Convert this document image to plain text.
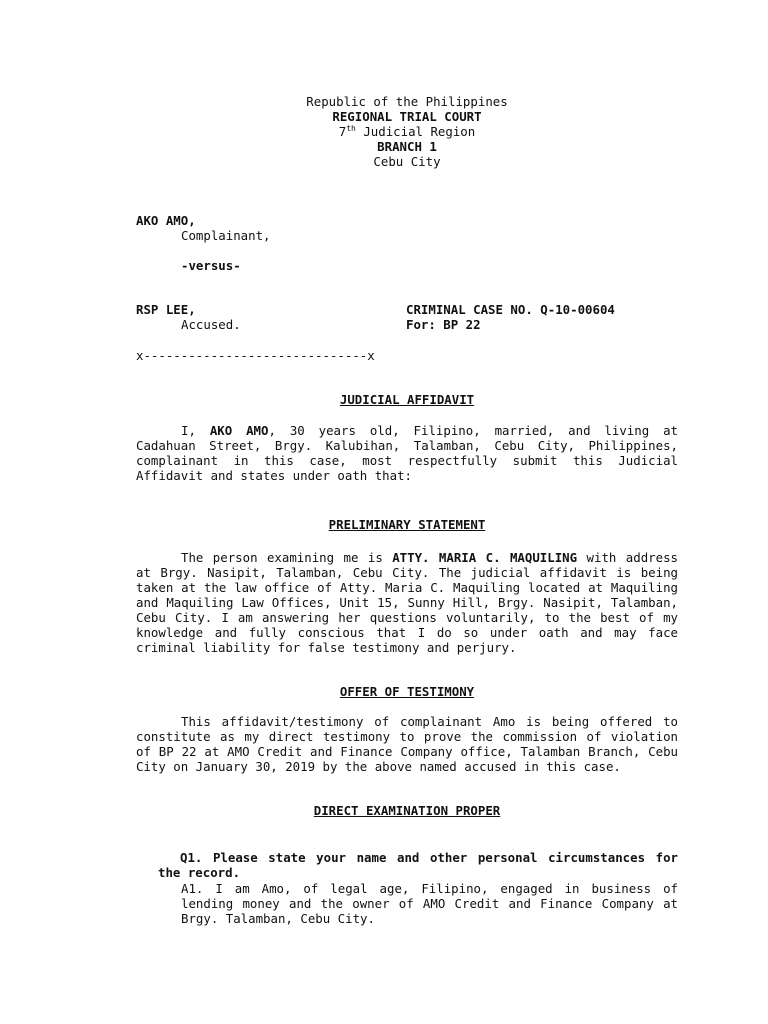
Republic of the Philippines
REGIONAL TRIAL COURT
7th Judicial Region
BRANCH 1
Cebu City
AKO AMO,
Complainant,
-versus-
RSP LEE,
Accused.
CRIMINAL CASE NO. Q-10-00604
For: BP 22
x------------------------------x
JUDICIAL AFFIDAVIT
I, AKO AMO, 30 years old, Filipino, married, and living at Cadahuan Street, Brgy. Kalubihan, Talamban, Cebu City, Philippines, complainant in this case, most respectfully submit this Judicial Affidavit and states under oath that:
PRELIMINARY STATEMENT
The person examining me is ATTY. MARIA C. MAQUILING with address at Brgy. Nasipit, Talamban, Cebu City. The judicial affidavit is being taken at the law office of Atty. Maria C. Maquiling located at Maquiling and Maquiling Law Offices, Unit 15, Sunny Hill, Brgy. Nasipit, Talamban, Cebu City. I am answering her questions voluntarily, to the best of my knowledge and fully conscious that I do so under oath and may face criminal liability for false testimony and perjury.
OFFER OF TESTIMONY
This affidavit/testimony of complainant Amo is being offered to constitute as my direct testimony to prove the commission of violation of BP 22 at AMO Credit and Finance Company office, Talamban Branch, Cebu City on January 30, 2019 by the above named accused in this case.
DIRECT EXAMINATION PROPER
Q1. Please state your name and other personal circumstances for the record.
A1. I am Amo, of legal age, Filipino, engaged in business of lending money and the owner of AMO Credit and Finance Company at Brgy. Talamban, Cebu City.
